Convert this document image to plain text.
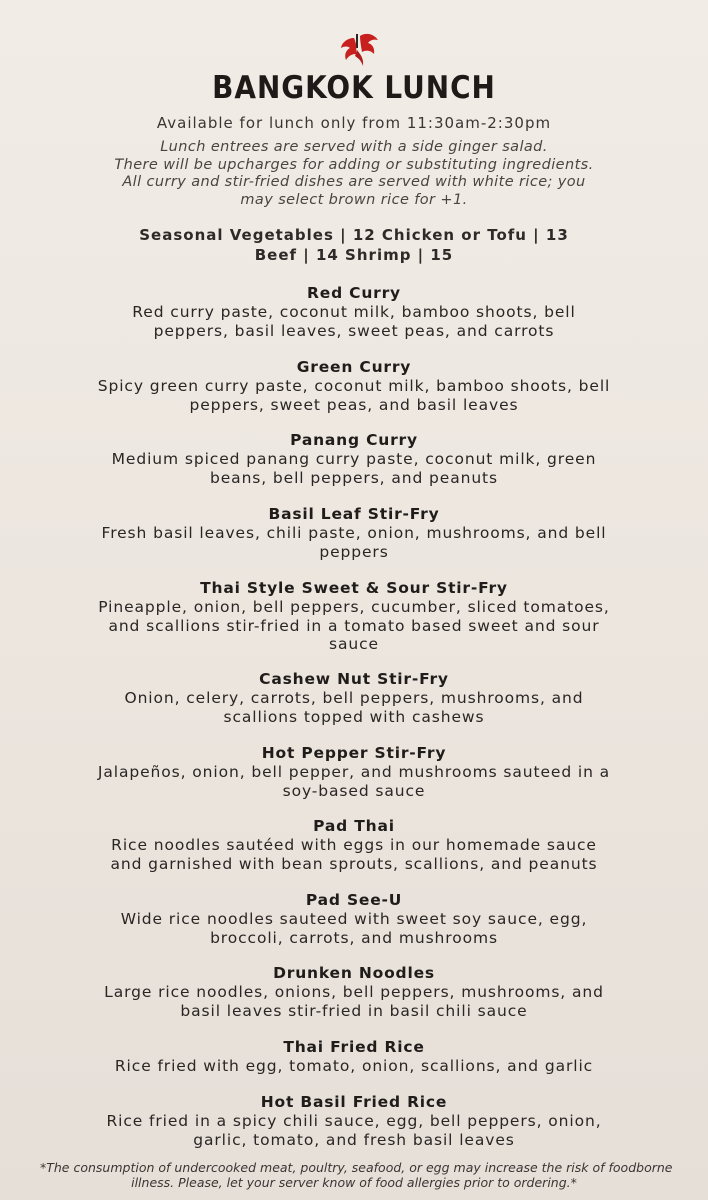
BANGKOK LUNCH
Available for lunch only from 11:30am-2:30pm
Lunch entrees are served with a side ginger salad.
There will be upcharges for adding or substituting ingredients.
All curry and stir-fried dishes are served with white rice; you
may select brown rice for +1.
Seasonal Vegetables | 12 Chicken or Tofu | 13
Beef | 14 Shrimp | 15
Red Curry
Red curry paste, coconut milk, bamboo shoots, bell
peppers, basil leaves, sweet peas, and carrots
Green Curry
Spicy green curry paste, coconut milk, bamboo shoots, bell
peppers, sweet peas, and basil leaves
Panang Curry
Medium spiced panang curry paste, coconut milk, green
beans, bell peppers, and peanuts
Basil Leaf Stir-Fry
Fresh basil leaves, chili paste, onion, mushrooms, and bell
peppers
Thai Style Sweet & Sour Stir-Fry
Pineapple, onion, bell peppers, cucumber, sliced tomatoes,
and scallions stir-fried in a tomato based sweet and sour
sauce
Cashew Nut Stir-Fry
Onion, celery, carrots, bell peppers, mushrooms, and
scallions topped with cashews
Hot Pepper Stir-Fry
Jalapeños, onion, bell pepper, and mushrooms sauteed in a
soy-based sauce
Pad Thai
Rice noodles sautéed with eggs in our homemade sauce
and garnished with bean sprouts, scallions, and peanuts
Pad See-U
Wide rice noodles sauteed with sweet soy sauce, egg,
broccoli, carrots, and mushrooms
Drunken Noodles
Large rice noodles, onions, bell peppers, mushrooms, and
basil leaves stir-fried in basil chili sauce
Thai Fried Rice
Rice fried with egg, tomato, onion, scallions, and garlic
Hot Basil Fried Rice
Rice fried in a spicy chili sauce, egg, bell peppers, onion,
garlic, tomato, and fresh basil leaves
*The consumption of undercooked meat, poultry, seafood, or egg may increase the risk of foodborne
illness. Please, let your server know of food allergies prior to ordering.*
